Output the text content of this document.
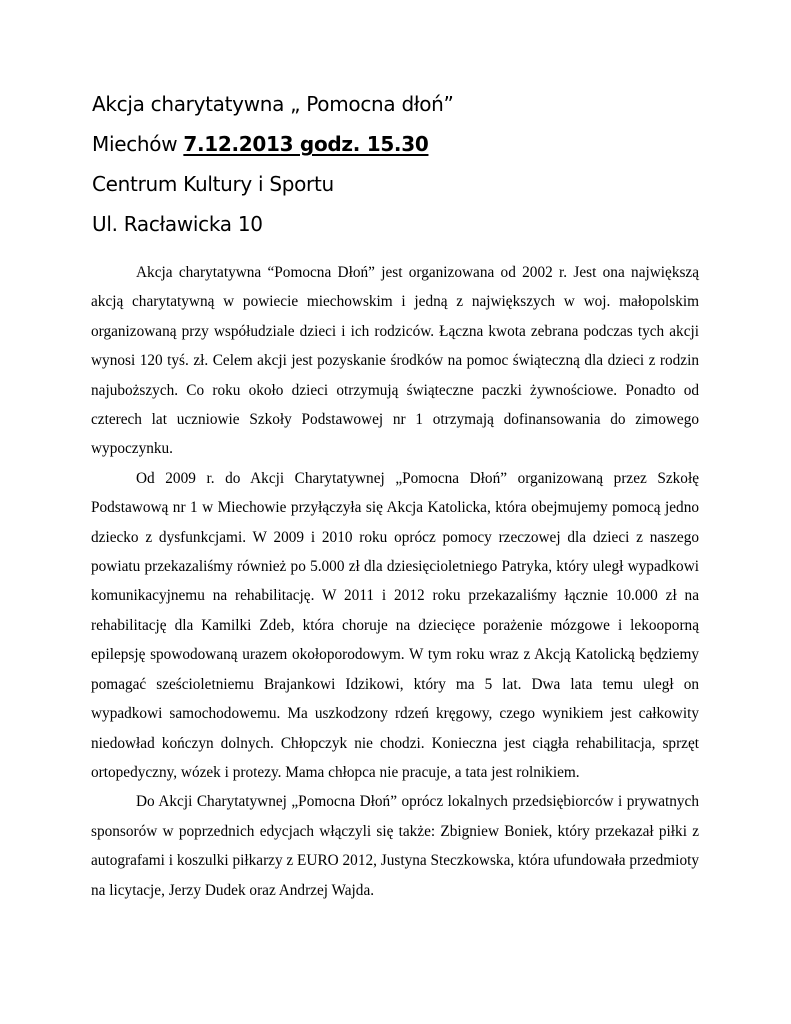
Akcja charytatywna „ Pomocna dłoń”
Miechów 7.12.2013 godz. 15.30
Centrum Kultury i Sportu
Ul. Racławicka 10

Akcja charytatywna “Pomocna Dłoń” jest organizowana od 2002 r. Jest ona największą akcją charytatywną w powiecie miechowskim i jedną z największych w woj. małopolskim organizowaną przy współudziale dzieci i ich rodziców. Łączna kwota zebrana podczas tych akcji wynosi 120 tyś. zł. Celem akcji jest pozyskanie środków na pomoc świąteczną dla dzieci z rodzin najuboższych. Co roku około dzieci otrzymują świąteczne paczki żywnościowe. Ponadto od czterech lat uczniowie Szkoły Podstawowej nr 1 otrzymają dofinansowania do zimowego wypoczynku.

Od 2009 r. do Akcji Charytatywnej „Pomocna Dłoń” organizowaną przez Szkołę Podstawową nr 1 w Miechowie przyłączyła się Akcja Katolicka, która obejmujemy pomocą jedno dziecko z dysfunkcjami. W 2009 i 2010 roku oprócz pomocy rzeczowej dla dzieci z naszego powiatu przekazaliśmy również po 5.000 zł dla dziesięcioletniego Patryka, który uległ wypadkowi komunikacyjnemu na rehabilitację. W 2011 i 2012 roku przekazaliśmy łącznie 10.000 zł na rehabilitację dla Kamilki Zdeb, która choruje na dziecięce porażenie mózgowe i lekooporną epilepsję spowodowaną urazem okołoporodowym. W tym roku wraz z Akcją Katolicką będziemy pomagać sześcioletniemu Brajankowi Idzikowi, który ma 5 lat. Dwa lata temu uległ on wypadkowi samochodowemu. Ma uszkodzony rdzeń kręgowy, czego wynikiem jest całkowity niedowład kończyn dolnych. Chłopczyk nie chodzi. Konieczna jest ciągła rehabilitacja, sprzęt ortopedyczny, wózek i protezy. Mama chłopca nie pracuje, a tata jest rolnikiem.

Do Akcji Charytatywnej „Pomocna Dłoń” oprócz lokalnych przedsiębiorców i prywatnych sponsorów w poprzednich edycjach włączyli się także: Zbigniew Boniek, który przekazał piłki z autografami i koszulki piłkarzy z EURO 2012, Justyna Steczkowska, która ufundowała przedmioty na licytacje, Jerzy Dudek oraz Andrzej Wajda.
